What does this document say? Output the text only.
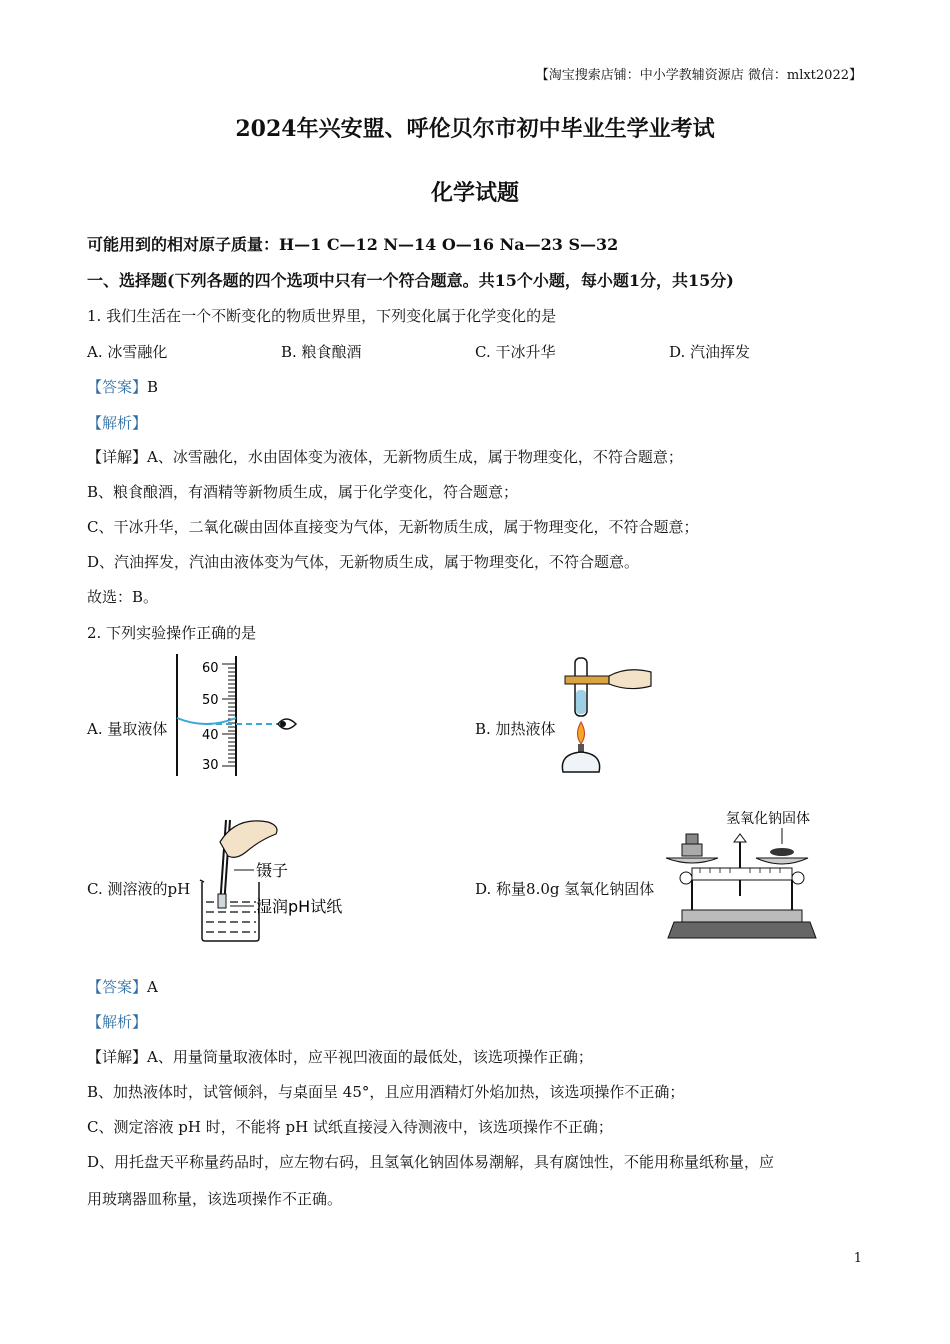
【淘宝搜索店铺：中小学教辅资源店 微信：mlxt2022】
2024年兴安盟、呼伦贝尔市初中毕业生学业考试
化学试题
可能用到的相对原子质量：H—1 C—12 N—14 O—16 Na—23 S—32
一、选择题(下列各题的四个选项中只有一个符合题意。共15个小题，每小题1分，共15分)
1. 我们生活在一个不断变化的物质世界里，下列变化属于化学变化的是
A. 冰雪融化	B. 粮食酿酒	C. 干冰升华	D. 汽油挥发
【答案】B
【解析】
【详解】A、冰雪融化，水由固体变为液体，无新物质生成，属于物理变化，不符合题意；
B、粮食酿酒，有酒精等新物质生成，属于化学变化，符合题意；
C、干冰升华，二氧化碳由固体直接变为气体，无新物质生成，属于物理变化，不符合题意；
D、汽油挥发，汽油由液体变为气体，无新物质生成，属于物理变化，不符合题意。
故选：B。
2. 下列实验操作正确的是
A. 量取液体
60
50
40
30
B. 加热液体
C. 测溶液的pH
镊子
湿润pH试纸
D. 称量8.0g 氢氧化钠固体
氢氧化钠固体
【答案】A
【解析】
【详解】A、用量筒量取液体时，应平视凹液面的最低处，该选项操作正确；
B、加热液体时，试管倾斜，与桌面呈 45°，且应用酒精灯外焰加热，该选项操作不正确；
C、测定溶液 pH 时，不能将 pH 试纸直接浸入待测液中，该选项操作不正确；
D、用托盘天平称量药品时，应左物右码，且氢氧化钠固体易潮解，具有腐蚀性，不能用称量纸称量，应
用玻璃器皿称量，该选项操作不正确。
1
